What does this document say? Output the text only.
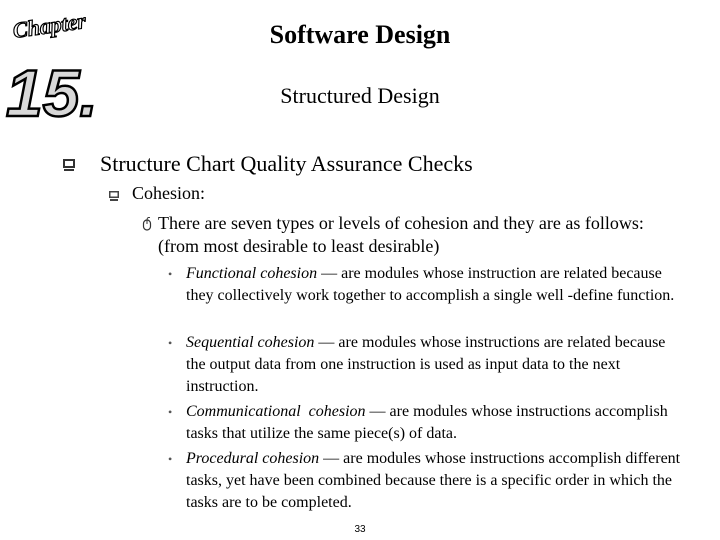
Chapter
15.
Software Design
Structured Design
Structure Chart Quality Assurance Checks
Cohesion:
There are seven types or levels of cohesion and they are as follows: (from most desirable to least desirable)
• Functional cohesion — are modules whose instruction are related because they collectively work together to accomplish a single well -define function.
• Sequential cohesion — are modules whose instructions are related because the output data from one instruction is used as input data to the next instruction.
• Communicational  cohesion — are modules whose instructions accomplish tasks that utilize the same piece(s) of data.
• Procedural cohesion — are modules whose instructions accomplish different tasks, yet have been combined because there is a specific order in which the tasks are to be completed.
33
